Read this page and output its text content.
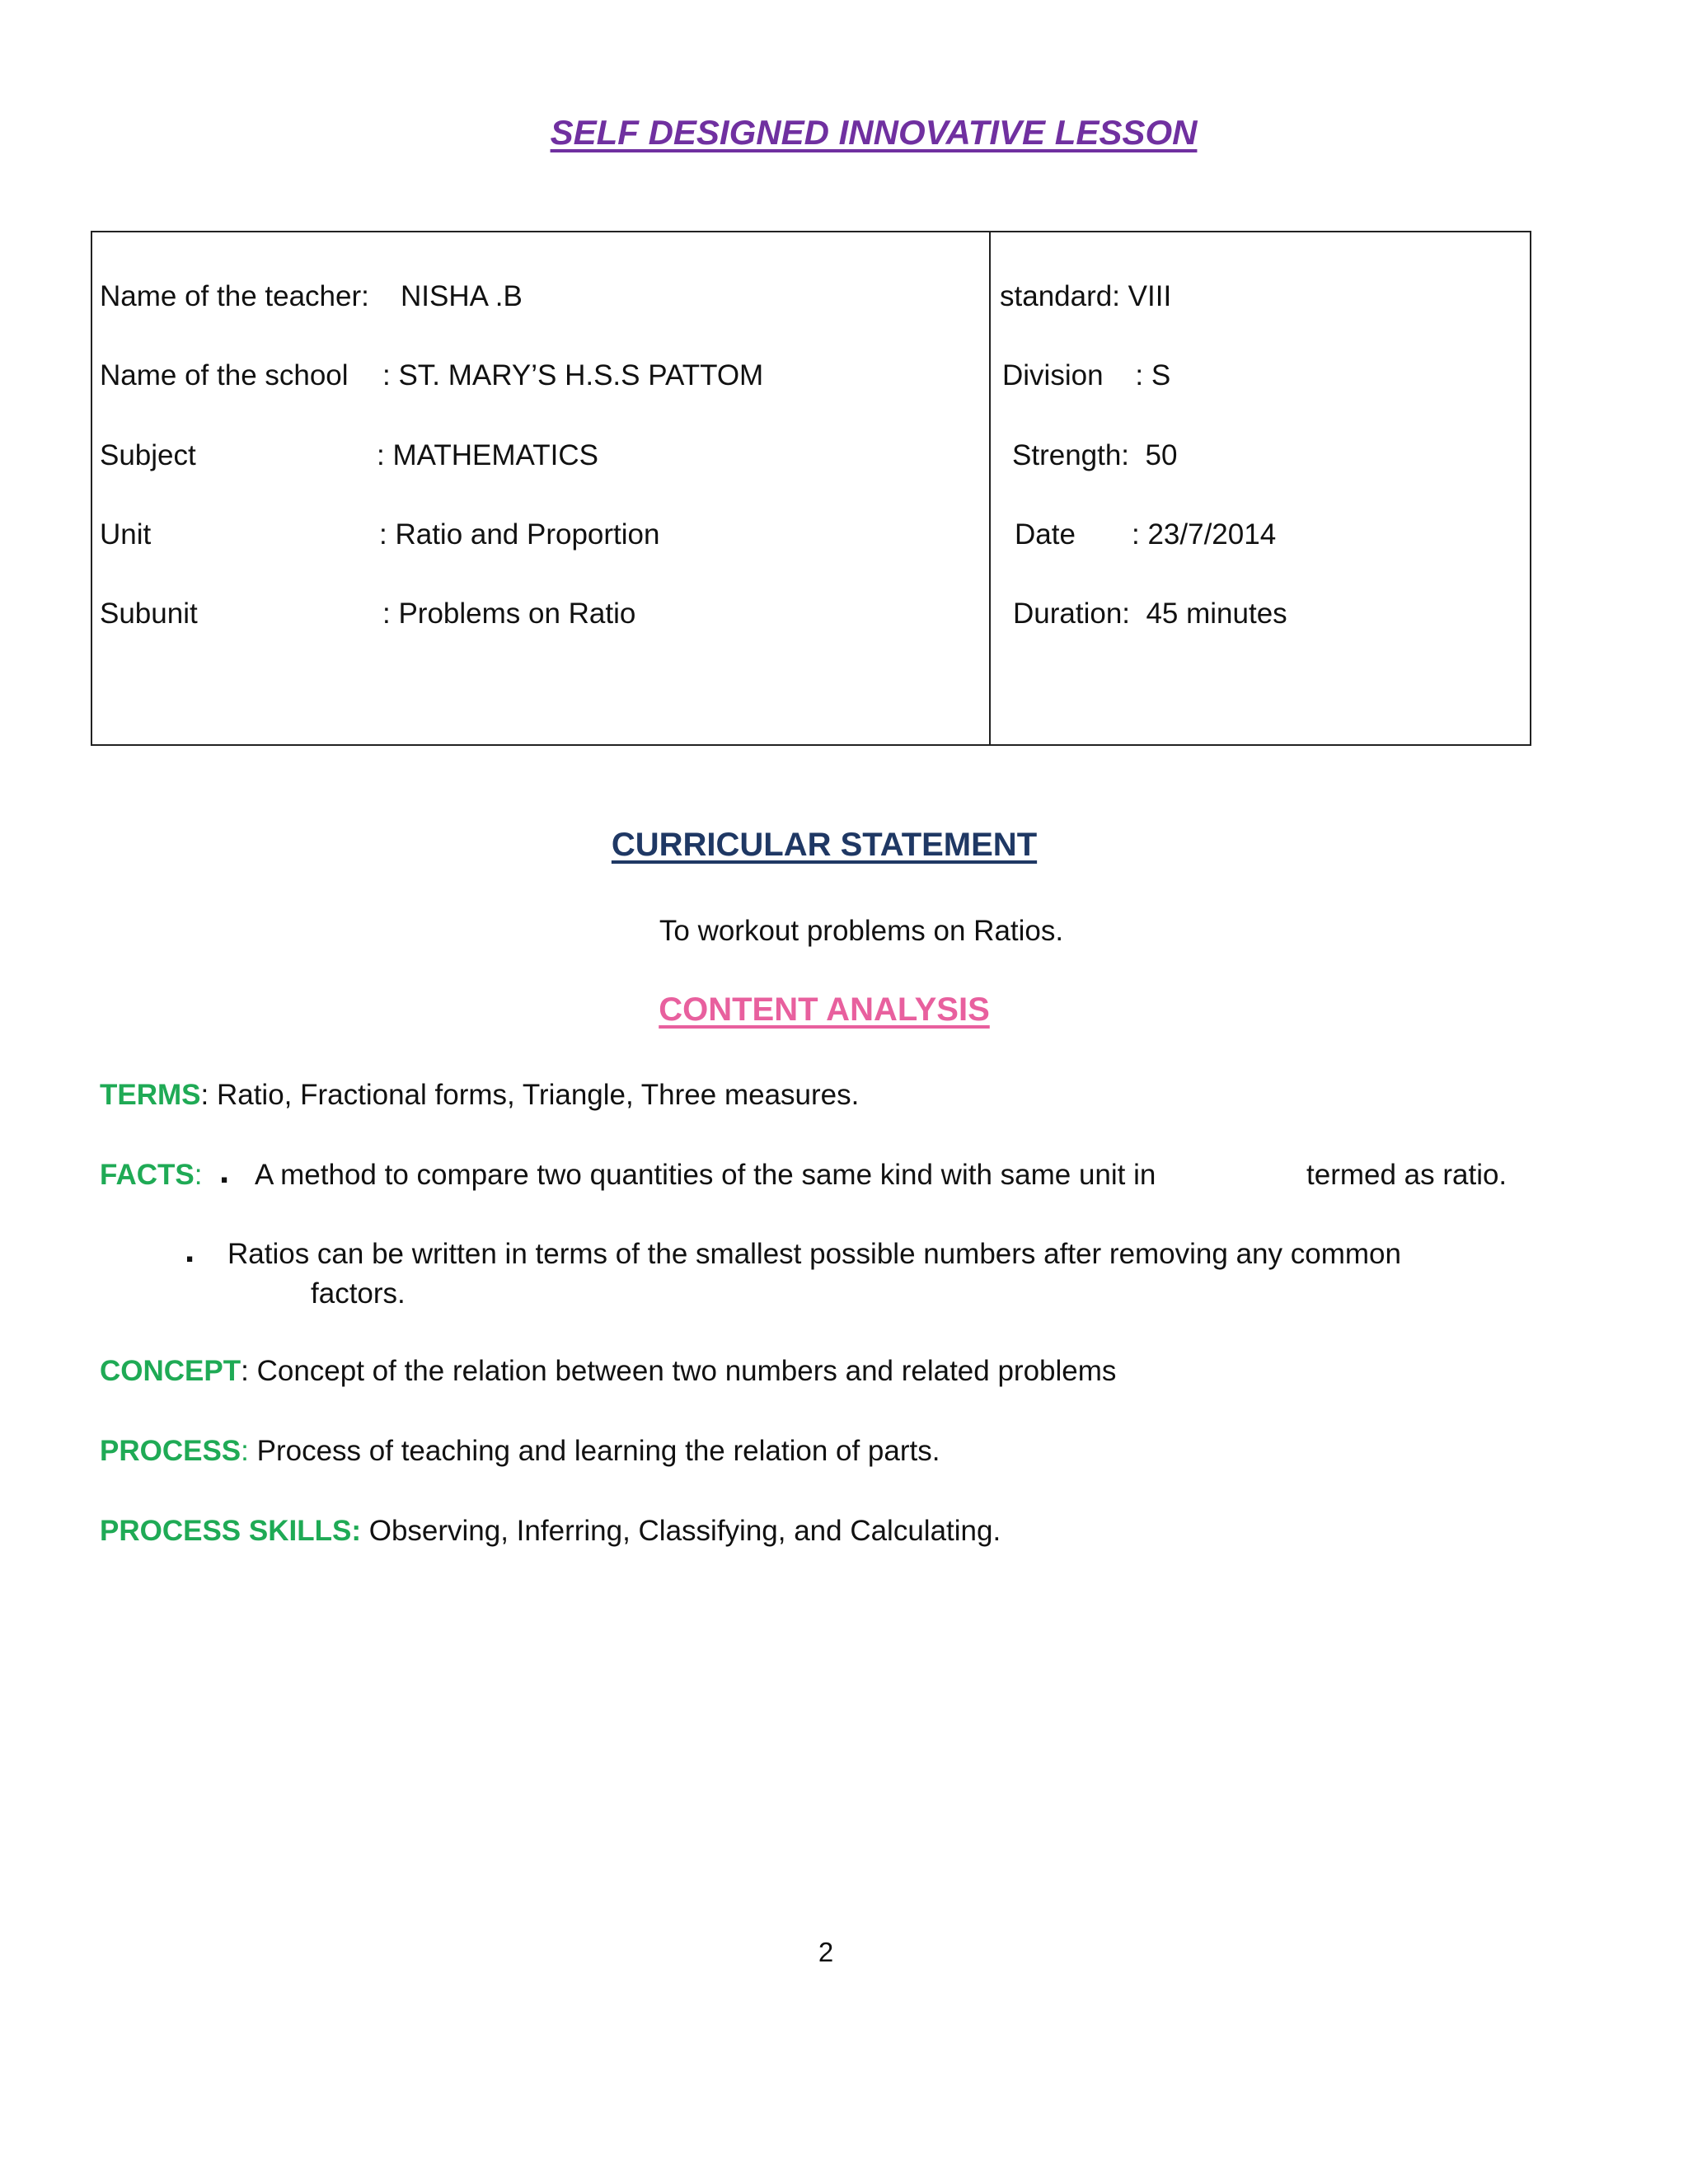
SELF DESIGNED INNOVATIVE LESSON
Name of the teacher: NISHA .B
Name of the school : ST. MARY’S H.S.S PATTOM
Subject	: MATHEMATICS
Unit	: Ratio and Proportion
Subunit	: Problems on Ratio
standard: VIII
Division    : S
Strength:  50
Date       : 23/7/2014
Duration:  45 minutes
CURRICULAR STATEMENT
To workout problems on Ratios.
CONTENT ANALYSIS
TERMS: Ratio, Fractional forms, Triangle, Three measures.
FACTS: . A method to compare two quantities of the same kind with same unit in	termed as ratio.
. Ratios can be written in terms of the smallest possible numbers after removing any common
factors.
CONCEPT: Concept of the relation between two numbers and related problems
PROCESS: Process of teaching and learning the relation of parts.
PROCESS SKILLS: Observing, Inferring, Classifying, and Calculating.
2
